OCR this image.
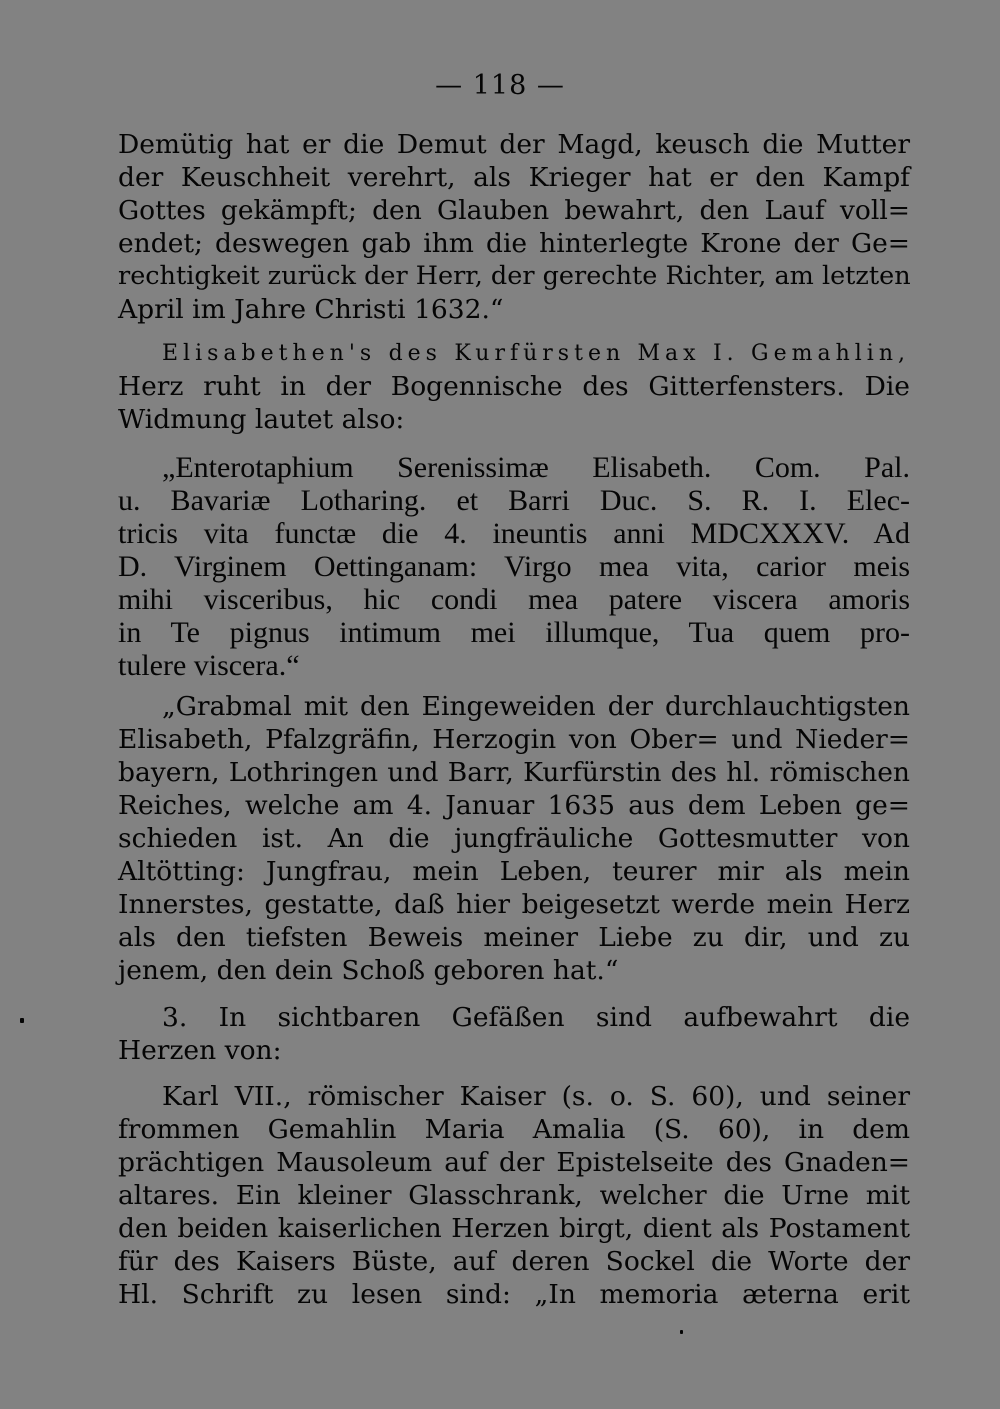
— 118 —
Demütig hat er die Demut der Magd, keusch die Mutter
der Keuschheit verehrt, als Krieger hat er den Kampf
Gottes gekämpft; den Glauben bewahrt, den Lauf voll=
endet; deswegen gab ihm die hinterlegte Krone der Ge=
rechtigkeit zurück der Herr, der gerechte Richter, am letzten
April im Jahre Christi 1632.“
Elisabethen's des Kurfürsten Max I. Gemahlin,
Herz ruht in der Bogennische des Gitterfensters. Die
Widmung lautet also:
„Enterotaphium Serenissimæ Elisabeth. Com. Pal.
u. Bavariæ Lotharing. et Barri Duc. S. R. I. Elec-
tricis vita functæ die 4. ineuntis anni MDCXXXV. Ad
D. Virginem Oettinganam: Virgo mea vita, carior meis
mihi visceribus, hic condi mea patere viscera amoris
in Te pignus intimum mei illumque, Tua quem pro-
tulere viscera.“
„Grabmal mit den Eingeweiden der durchlauchtigsten
Elisabeth, Pfalzgräfin, Herzogin von Ober= und Nieder=
bayern, Lothringen und Barr, Kurfürstin des hl. römischen
Reiches, welche am 4. Januar 1635 aus dem Leben ge=
schieden ist. An die jungfräuliche Gottesmutter von
Altötting: Jungfrau, mein Leben, teurer mir als mein
Innerstes, gestatte, daß hier beigesetzt werde mein Herz
als den tiefsten Beweis meiner Liebe zu dir, und zu
jenem, den dein Schoß geboren hat.“
3. In sichtbaren Gefäßen sind aufbewahrt die
Herzen von:
Karl VII., römischer Kaiser (s. o. S. 60), und seiner
frommen Gemahlin Maria Amalia (S. 60), in dem
prächtigen Mausoleum auf der Epistelseite des Gnaden=
altares. Ein kleiner Glasschrank, welcher die Urne mit
den beiden kaiserlichen Herzen birgt, dient als Postament
für des Kaisers Büste, auf deren Sockel die Worte der
Hl. Schrift zu lesen sind: „In memoria æterna erit
